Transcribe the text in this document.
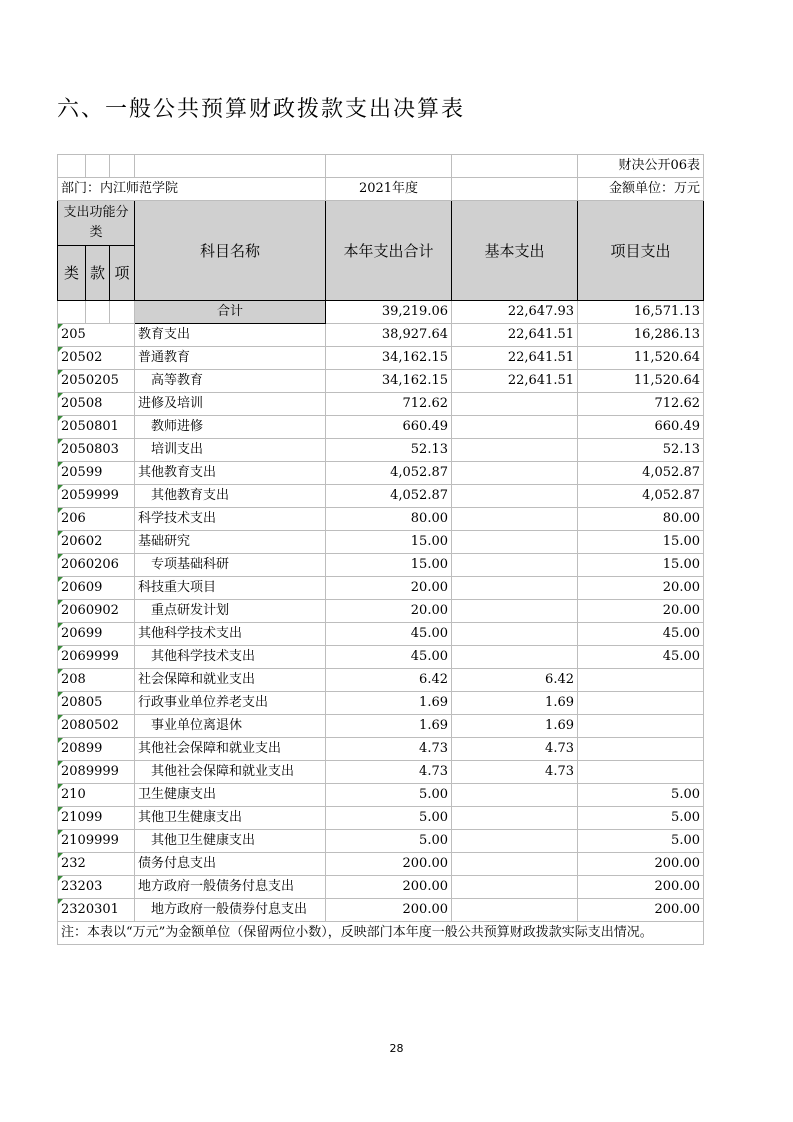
六、一般公共预算财政拨款支出决算表
						财决公开06表
部门：内江师范学院				2021年度		金额单位：万元
支出功能分类			科目名称	本年支出合计	基本支出	项目支出
类	款	项				
			合计	39,219.06	22,647.93	16,571.13
205			教育支出	38,927.64	22,641.51	16,286.13
20502			普通教育	34,162.15	22,641.51	11,520.64
2050205			高等教育	34,162.15	22,641.51	11,520.64
20508			进修及培训	712.62		712.62
2050801			教师进修	660.49		660.49
2050803			培训支出	52.13		52.13
20599			其他教育支出	4,052.87		4,052.87
2059999			其他教育支出	4,052.87		4,052.87
206			科学技术支出	80.00		80.00
20602			基础研究	15.00		15.00
2060206			专项基础科研	15.00		15.00
20609			科技重大项目	20.00		20.00
2060902			重点研发计划	20.00		20.00
20699			其他科学技术支出	45.00		45.00
2069999			其他科学技术支出	45.00		45.00
208			社会保障和就业支出	6.42	6.42	
20805			行政事业单位养老支出	1.69	1.69	
2080502			事业单位离退休	1.69	1.69	
20899			其他社会保障和就业支出	4.73	4.73	
2089999			其他社会保障和就业支出	4.73	4.73	
210			卫生健康支出	5.00		5.00
21099			其他卫生健康支出	5.00		5.00
2109999			其他卫生健康支出	5.00		5.00
232			债务付息支出	200.00		200.00
23203			地方政府一般债务付息支出	200.00		200.00
2320301			地方政府一般债券付息支出	200.00		200.00
注：本表以“万元”为金额单位（保留两位小数），反映部门本年度一般公共预算财政拨款实际支出情况。						
28
